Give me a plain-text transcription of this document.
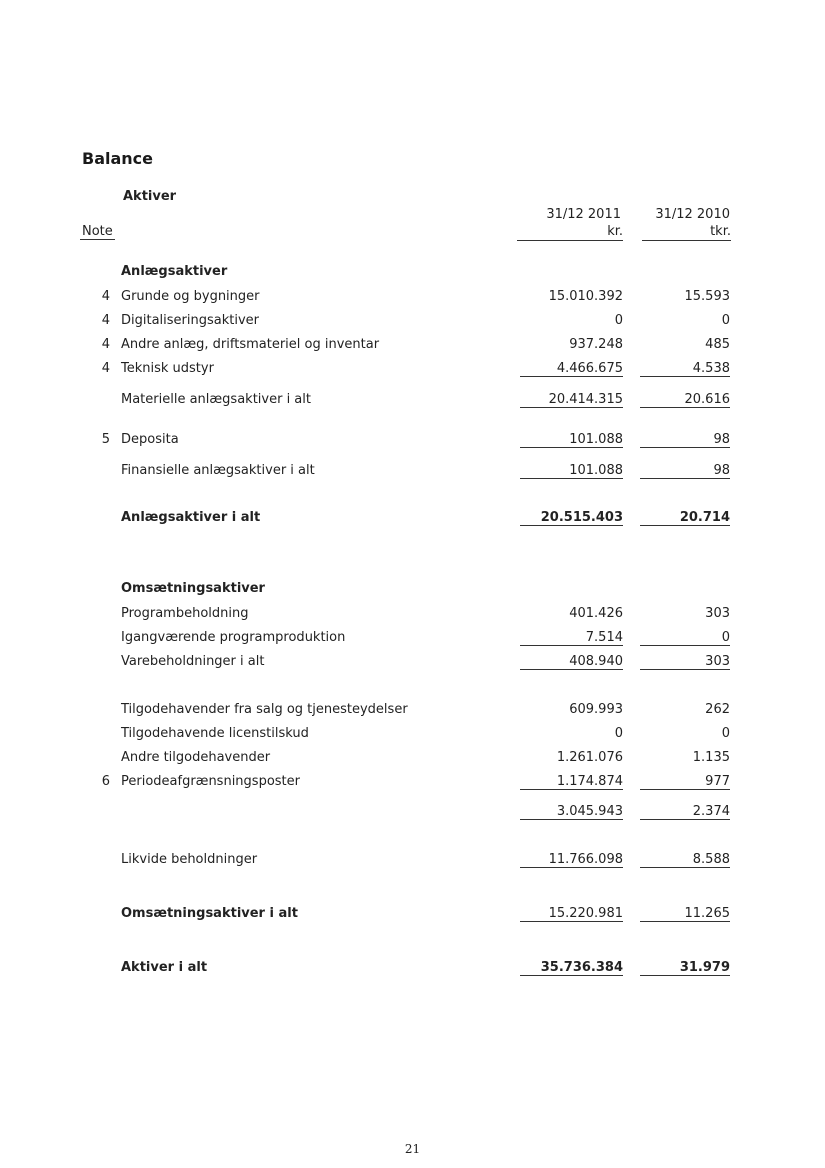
Balance
Aktiver
31/12 2011	31/12 2010
Note	kr.	tkr.
Anlægsaktiver
4 Grunde og bygninger	15.010.392	15.593
4 Digitaliseringsaktiver	0	0
4 Andre anlæg, driftsmateriel og inventar	937.248	485
4 Teknisk udstyr	4.466.675	4.538
Materielle anlægsaktiver i alt	20.414.315	20.616
5 Deposita	101.088	98
Finansielle anlægsaktiver i alt	101.088	98
Anlægsaktiver i alt	20.515.403	20.714
Omsætningsaktiver
Programbeholdning	401.426	303
Igangværende programproduktion	7.514	0
Varebeholdninger i alt	408.940	303
Tilgodehavender fra salg og tjenesteydelser	609.993	262
Tilgodehavende licenstilskud	0	0
Andre tilgodehavender	1.261.076	1.135
6 Periodeafgrænsningsposter	1.174.874	977
3.045.943	2.374
Likvide beholdninger	11.766.098	8.588
Omsætningsaktiver i alt	15.220.981	11.265
Aktiver i alt	35.736.384	31.979
21
